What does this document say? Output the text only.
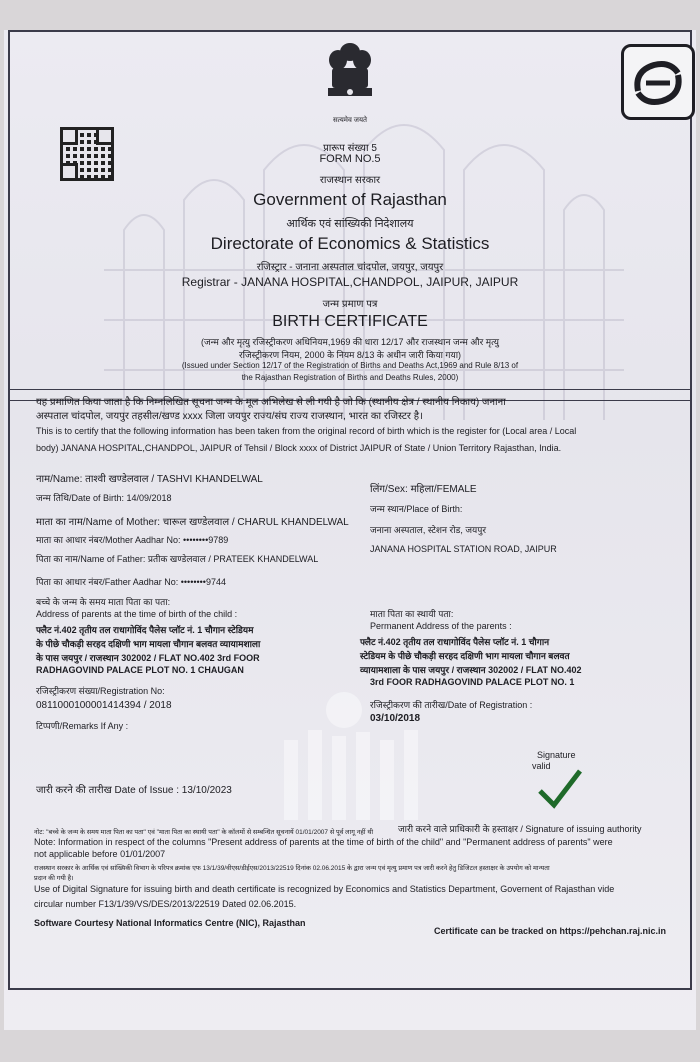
सत्यमेव जयते
प्रारूप संख्या 5
FORM NO.5
राजस्थान सरकार
Government of Rajasthan
आर्थिक एवं सांख्यिकी निदेशालय
Directorate of Economics & Statistics
रजिस्ट्रार - जनाना अस्पताल चांदपोल, जयपुर, जयपुर
Registrar - JANANA HOSPITAL,CHANDPOL, JAIPUR, JAIPUR
जन्म प्रमाण पत्र
BIRTH CERTIFICATE
(जन्म और मृत्यु रजिस्ट्रीकरण अधिनियम,1969 की धारा 12/17 और राजस्थान जन्म और मृत्यु
रजिस्ट्रीकरण नियम, 2000 के नियम 8/13 के अधीन जारी किया गया)
(Issued under Section 12/17 of the Registration of Births and Deaths Act,1969 and Rule 8/13 of
the Rajasthan Registration of Births and Deaths Rules, 2000)
यह प्रमाणित किया जाता है कि निम्नलिखित सूचना जन्म के मूल अभिलेख से ली गयी है जो कि (स्थानीय क्षेत्र / स्थानीय निकाय) जनाना
अस्पताल चांदपोल, जयपुर तहसील/खण्ड xxxx जिला जयपुर राज्य/संघ राज्य राजस्थान, भारत का रजिस्टर है।
This is to certify that the following information has been taken from the original record of birth which is the register for (Local area / Local
body) JANANA HOSPITAL,CHANDPOL, JAIPUR of Tehsil / Block xxxx of District JAIPUR of State / Union Territory Rajasthan, India.
नाम/Name: ताश्वी खण्डेलवाल / TASHVI KHANDELWAL
लिंग/Sex: महिला/FEMALE
जन्म तिथि/Date of Birth: 14/09/2018
जन्म स्थान/Place of Birth:
माता का नाम/Name of Mother: चारूल खण्डेलवाल / CHARUL KHANDELWAL
जनाना अस्पताल, स्टेशन रोड, जयपुर
माता का आधार नंबर/Mother Aadhar No: ••••••••9789
JANANA HOSPITAL STATION ROAD, JAIPUR
पिता का नाम/Name of Father: प्रतीक खण्डेलवाल / PRATEEK KHANDELWAL
पिता का आधार नंबर/Father Aadhar No: ••••••••9744
बच्चे के जन्म के समय माता पिता का पता:
Address of parents at the time of birth of the child :
फ्लैट नं.402 तृतीय तल राधागोविंद पैलेस प्लॉट नं. 1 चौगान स्टेडियम
के पीछे चौकड़ी सरहद दक्षिणी भाग मायला चौगान बलवत व्यायामशाला
के पास जयपुर / राजस्थान 302002 / FLAT NO.402 3rd FOOR
RADHAGOVIND PALACE PLOT NO. 1 CHAUGAN
माता पिता का स्थायी पता:
Permanent Address of the parents :
फ्लैट नं.402 तृतीय तल राधागोविंद पैलेस प्लॉट नं. 1 चौगान
स्टेडियम के पीछे चौकड़ी सरहद दक्षिणी भाग मायला चौगान बलवत
व्यायामशाला के पास जयपुर / राजस्थान 302002 / FLAT NO.402
3rd FOOR RADHAGOVIND PALACE PLOT NO. 1
रजिस्ट्रीकरण संख्या/Registration No:
0811000100001414394 / 2018	रजिस्ट्रीकरण की तारीख/Date of Registration :
03/10/2018
टिप्पणी/Remarks If Any :
Signature
valid
जारी करने की तारीख Date of Issue : 13/10/2023
जारी करने वाले प्राधिकारी के हस्ताक्षर / Signature of issuing authority
नोट: "बच्चे के जन्म के समय माता पिता का पता" एवं "माता पिता का स्थायी पता" के कॉलमों से सम्बन्धित सूचनायें 01/01/2007 से पूर्व लागू नहीं थी
Note: Information in respect of the columns "Present address of parents at the time of birth of the child" and "Permanent address of parents" were
not applicable before 01/01/2007
राजस्थान सरकार के आर्थिक एवं सांख्यिकी विभाग के परिपत्र क्रमांक एफ 13/1/39/वीएस/डीईएस/2013/22519 दिनांक 02.06.2015 के द्वारा जन्म एवं मृत्यु प्रमाण पत्र जारी करने हेतु डिजिटल हस्ताक्षर के उपयोग को मान्यता
प्रदान की गयी है।
Use of Digital Signature for issuing birth and death certificate is recognized by Economics and Statistics Department, Governent of Rajasthan vide
circular number F13/1/39/VS/DES/2013/22519 Dated 02.06.2015.
Software Courtesy National Informatics Centre (NIC), Rajasthan
Certificate can be tracked on https://pehchan.raj.nic.in
